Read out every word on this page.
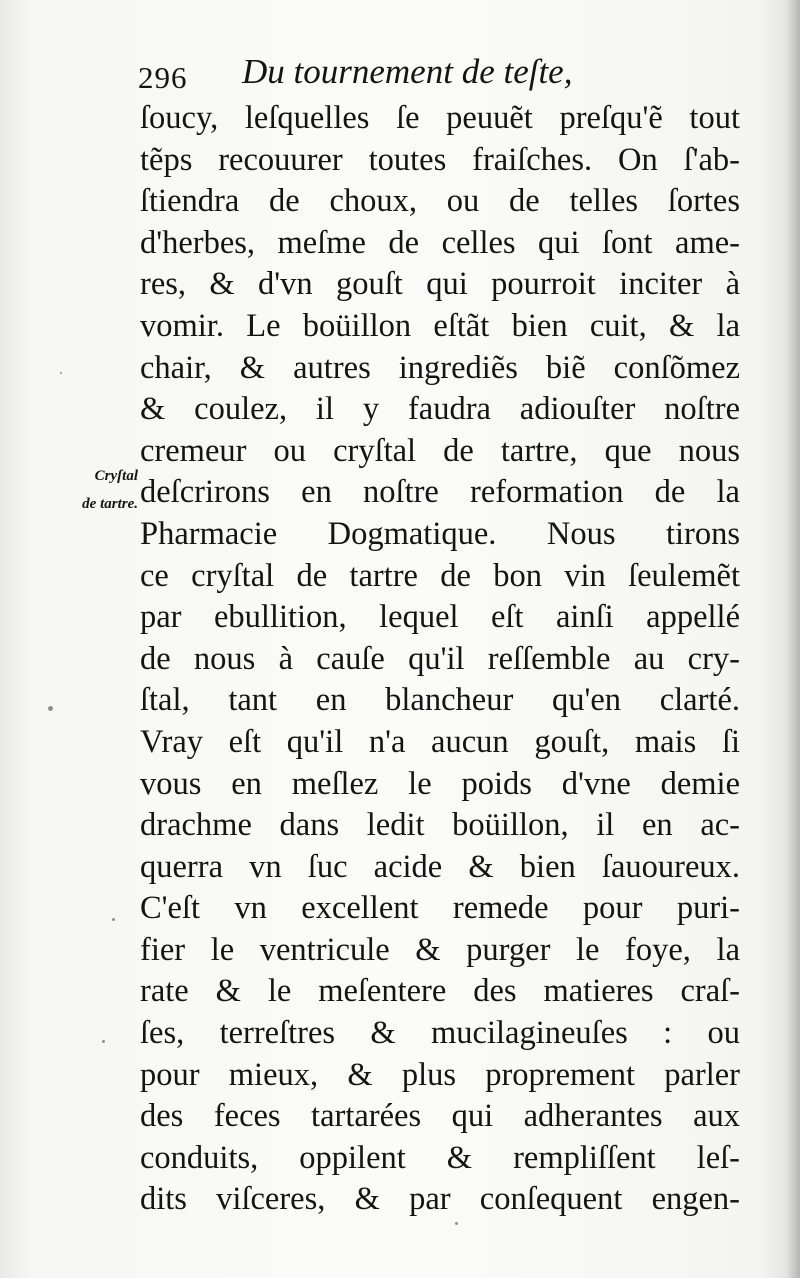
296 Du tournement de teſte,
Cryſtal
de tartre.
ſoucy, leſquelles ſe peuuẽt preſqu'ẽ tout
tẽps recouurer toutes fraiſches. On ſ'ab-
ſtiendra de choux, ou de telles ſortes
d'herbes, meſme de celles qui ſont ame-
res, & d'vn gouſt qui pourroit inciter à
vomir. Le boüillon eſtãt bien cuit, & la
chair, & autres ingrediẽs biẽ conſõmez
& coulez, il y faudra adiouſter noſtre
cremeur ou cryſtal de tartre, que nous
deſcrirons en noſtre reformation de la
Pharmacie Dogmatique. Nous tirons
ce cryſtal de tartre de bon vin ſeulemẽt
par ebullition, lequel eſt ainſi appellé
de nous à cauſe qu'il reſſemble au cry-
ſtal, tant en blancheur qu'en clarté.
Vray eſt qu'il n'a aucun gouſt, mais ſi
vous en meſlez le poids d'vne demie
drachme dans ledit boüillon, il en ac-
querra vn ſuc acide & bien ſauoureux.
C'eſt vn excellent remede pour puri-
fier le ventricule & purger le foye, la
rate & le meſentere des matieres craſ-
ſes, terreſtres & mucilagineuſes : ou
pour mieux, & plus proprement parler
des feces tartarées qui adherantes aux
conduits, oppilent & rempliſſent leſ-
dits viſceres, & par conſequent engen-
